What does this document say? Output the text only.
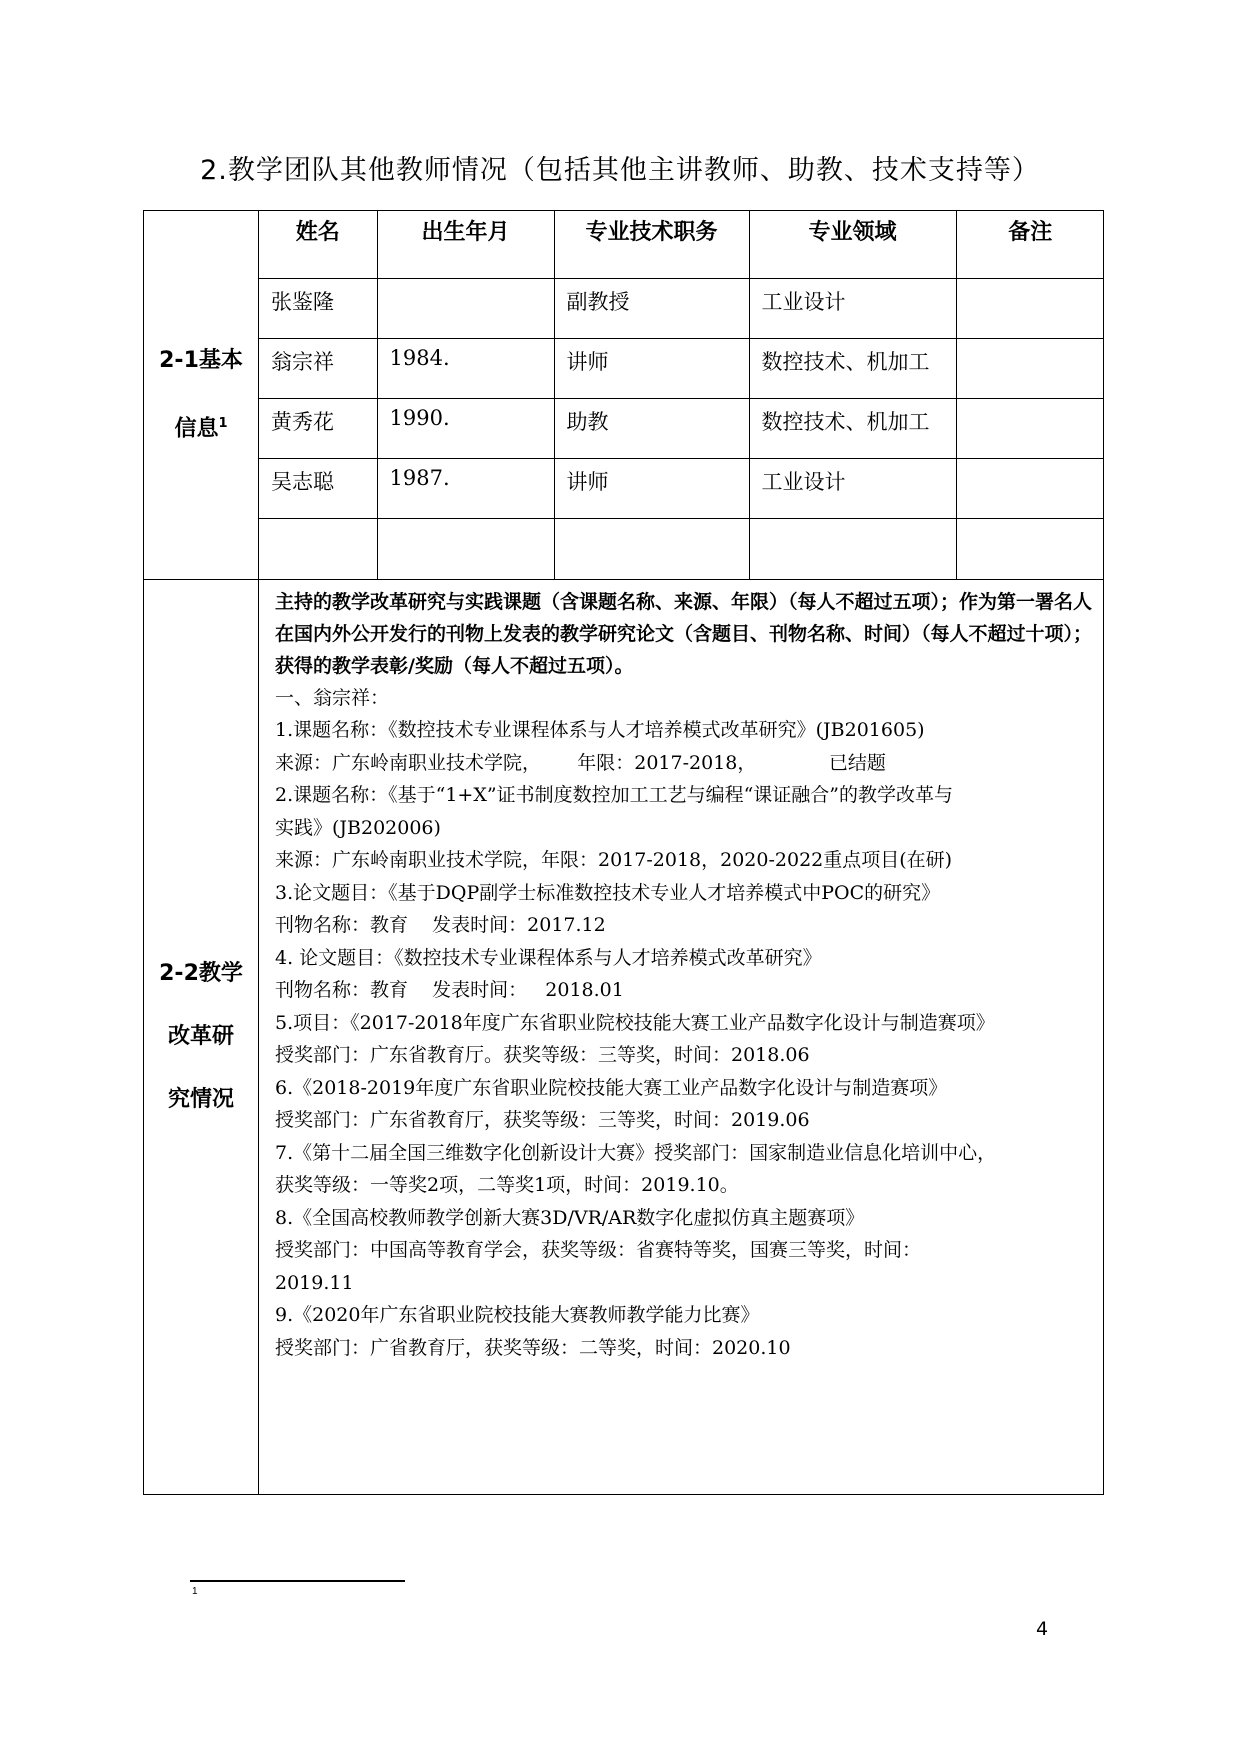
2.教学团队其他教师情况（包括其他主讲教师、助教、技术支持等）
2-1基本
信息$^1$

姓名	出生年月	专业技术职务	专业领域	备注
张鉴隆		副教授	工业设计	
翁宗祥	1984.	讲师	数控技术、机加工	
黄秀花	1990.	助教	数控技术、机加工	
吴志聪	1987.	讲师	工业设计	

2-2教学
改革研
究情况

主持的教学改革研究与实践课题（含课题名称、来源、年限）（每人不超过五项）；作为第一署名人在国内外公开发行的刊物上发表的教学研究论文（含题目、刊物名称、时间）（每人不超过十项）；获得的教学表彰/奖励（每人不超过五项）。
一、翁宗祥：
1.课题名称：《数控技术专业课程体系与人才培养模式改革研究》(JB201605)
来源：广东岭南职业技术学院，      年限：2017-2018，            已结题
2.课题名称：《基于“1+X”证书制度数控加工工艺与编程“课证融合”的教学改革与
实践》(JB202006)
来源：广东岭南职业技术学院，年限：2017-2018，2020-2022重点项目(在研)
3.论文题目：《基于DQP副学士标准数控技术专业人才培养模式中POC的研究》
刊物名称：教育    发表时间：2017.12
4. 论文题目：《数控技术专业课程体系与人才培养模式改革研究》
刊物名称：教育    发表时间：   2018.01
5.项目：《2017-2018年度广东省职业院校技能大赛工业产品数字化设计与制造赛项》
授奖部门：广东省教育厅。获奖等级：三等奖，时间：2018.06
6.《2018-2019年度广东省职业院校技能大赛工业产品数字化设计与制造赛项》
授奖部门：广东省教育厅，获奖等级：三等奖，时间：2019.06
7.《第十二届全国三维数字化创新设计大赛》授奖部门：国家制造业信息化培训中心，
获奖等级：一等奖2项，二等奖1项，时间：2019.10。
8.《全国高校教师教学创新大赛3D/VR/AR数字化虚拟仿真主题赛项》
授奖部门：中国高等教育学会，获奖等级：省赛特等奖，国赛三等奖，时间：
2019.11
9.《2020年广东省职业院校技能大赛教师教学能力比赛》
授奖部门：广省教育厅，获奖等级：二等奖，时间：2020.10
1
4
